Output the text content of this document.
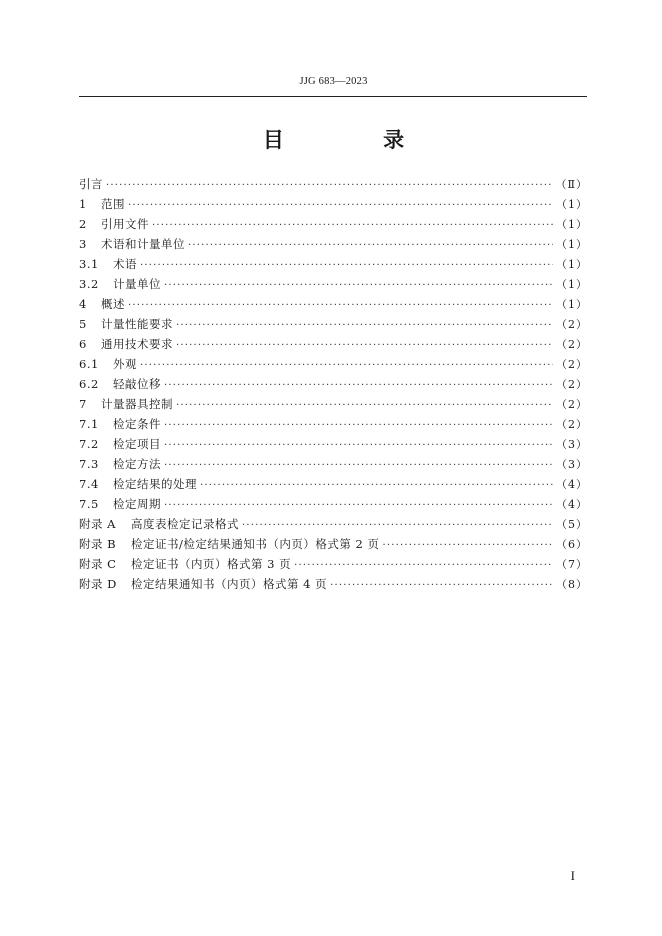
JJG 683—2023
目 录
引言 ·····	（Ⅱ）
1 范围 ·····	（1）
2 引用文件 ·····	（1）
3 术语和计量单位 ·····	（1）
3.1 术语 ·····	（1）
3.2 计量单位 ·····	（1）
4 概述 ·····	（1）
5 计量性能要求 ·····	（2）
6 通用技术要求 ·····	（2）
6.1 外观 ·····	（2）
6.2 轻敲位移 ·····	（2）
7 计量器具控制 ·····	（2）
7.1 检定条件 ·····	（2）
7.2 检定项目 ·····	（3）
7.3 检定方法 ·····	（3）
7.4 检定结果的处理 ·····	（4）
7.5 检定周期 ·····	（4）
附录 A 高度表检定记录格式 ·····	（5）
附录 B 检定证书/检定结果通知书（内页）格式第 2 页 ·····	（6）
附录 C 检定证书（内页）格式第 3 页 ·····	（7）
附录 D 检定结果通知书（内页）格式第 4 页 ·····	（8）
I
